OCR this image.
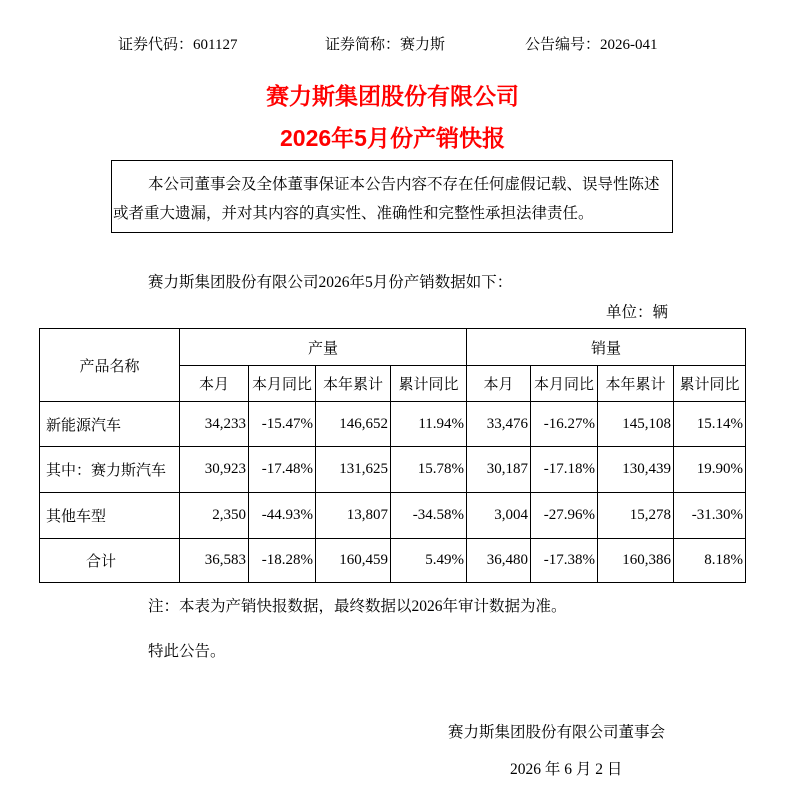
证券代码：601127	证券简称：赛力斯	公告编号：2026-041
赛力斯集团股份有限公司
2026年5月份产销快报
本公司董事会及全体董事保证本公告内容不存在任何虚假记载、误导性陈述
或者重大遗漏，并对其内容的真实性、准确性和完整性承担法律责任。
赛力斯集团股份有限公司2026年5月份产销数据如下：
单位：辆
产品名称	产量				销量			
	本月	本月同比	本年累计	累计同比	本月	本月同比	本年累计	累计同比
新能源汽车	34,233	-15.47%	146,652	11.94%	33,476	-16.27%	145,108	15.14%
其中：赛力斯汽车	30,923	-17.48%	131,625	15.78%	30,187	-17.18%	130,439	19.90%
其他车型	2,350	-44.93%	13,807	-34.58%	3,004	-27.96%	15,278	-31.30%
合计	36,583	-18.28%	160,459	5.49%	36,480	-17.38%	160,386	8.18%
注：本表为产销快报数据，最终数据以2026年审计数据为准。
特此公告。
赛力斯集团股份有限公司董事会
2026 年 6 月 2 日
